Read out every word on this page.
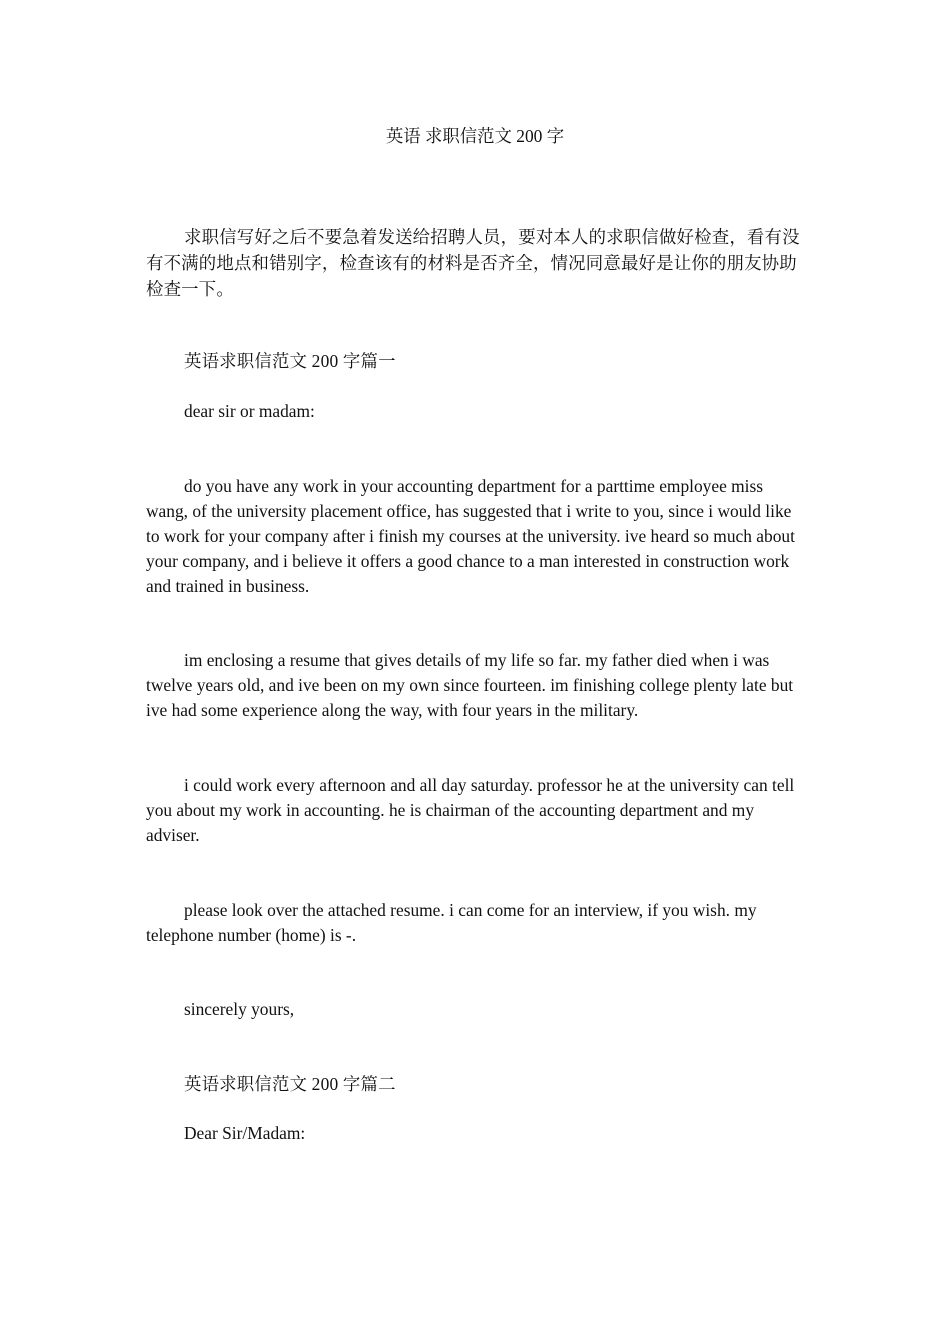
英语 求职信范文 200 字

求职信写好之后不要急着发送给招聘人员，要对本人的求职信做好检查，看有没有不满的地点和错别字，检查该有的材料是否齐全，情况同意最好是让你的朋友协助检查一下。

英语求职信范文 200 字篇一

dear sir or madam:

do you have any work in your accounting department for a parttime employee miss wang, of the university placement office, has suggested that i write to you, since i would like to work for your company after i finish my courses at the university. ive heard so much about your company, and i believe it offers a good chance to a man interested in construction work and trained in business.

im enclosing a resume that gives details of my life so far. my father died when i was twelve years old, and ive been on my own since fourteen. im finishing college plenty late but ive had some experience along the way, with four years in the military.

i could work every afternoon and all day saturday. professor he at the university can tell you about my work in accounting. he is chairman of the accounting department and my adviser.

please look over the attached resume. i can come for an interview, if you wish. my telephone number (home) is -.

sincerely yours,

英语求职信范文 200 字篇二

Dear Sir/Madam:
